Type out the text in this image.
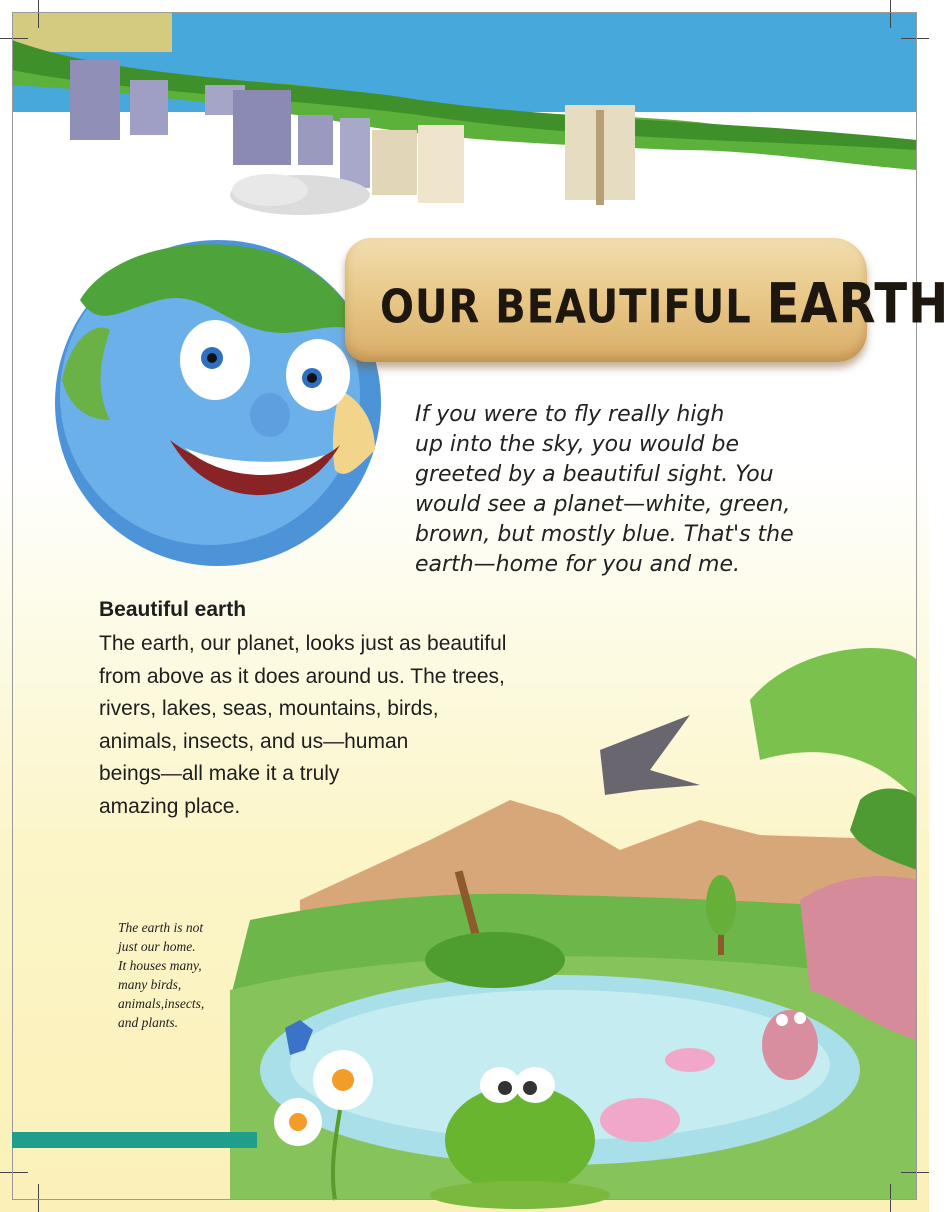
OUR BEAUTIFUL EARTH
If you were to fly really high
up into the sky, you would be
greeted by a beautiful sight. You
would see a planet—white, green,
brown, but mostly blue. That's the
earth—home for you and me.
Beautiful earth
The earth, our planet, looks just as beautiful
from above as it does around us. The trees,
rivers, lakes, seas, mountains, birds,
animals, insects, and us—human
beings—all make it a truly
amazing place.
The earth is not
just our home.
It houses many,
many birds,
animals,insects,
and plants.
